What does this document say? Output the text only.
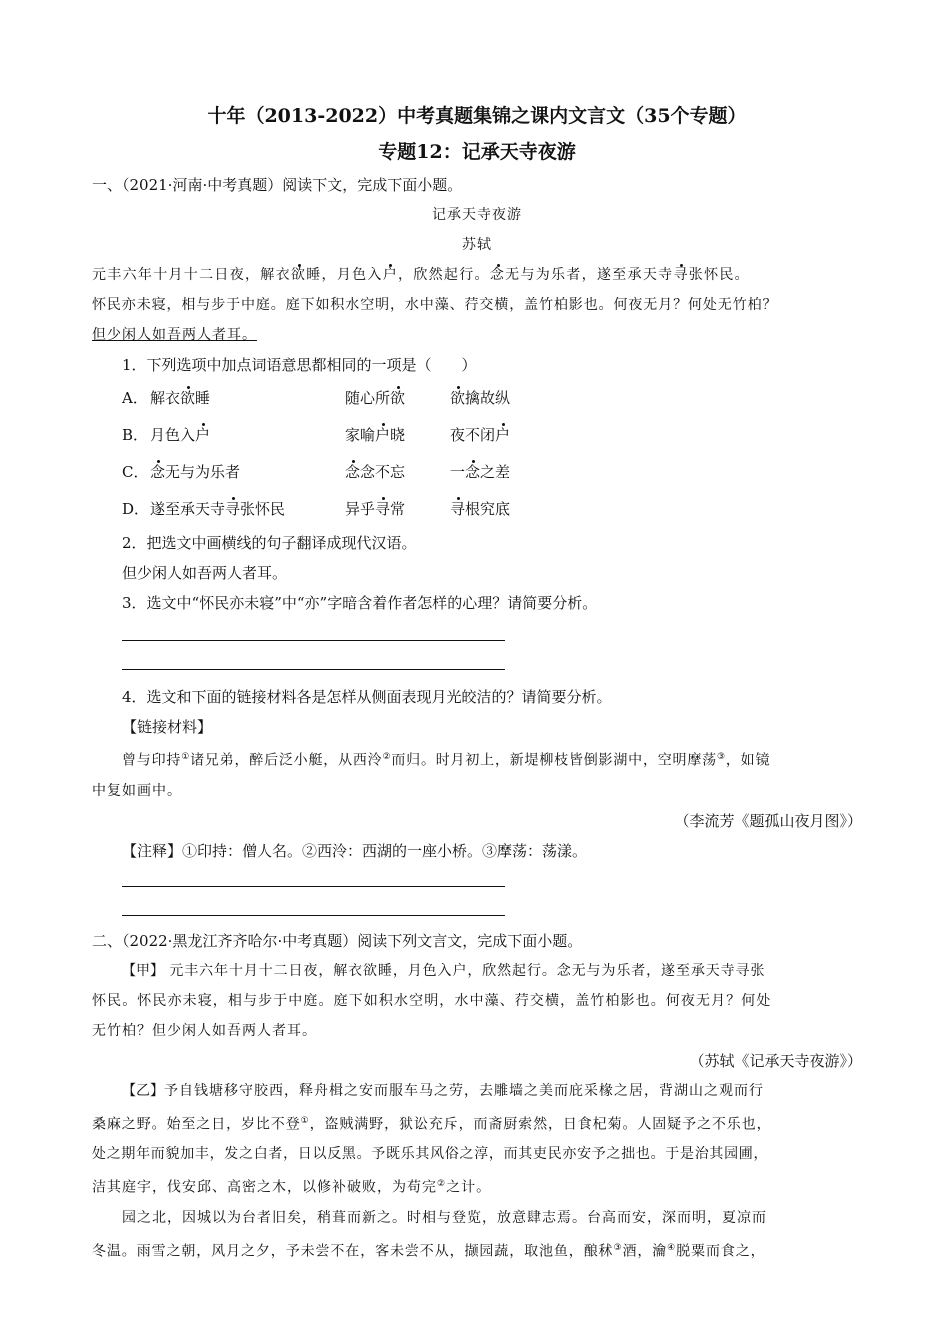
十年（2013-2022）中考真题集锦之课内文言文（35个专题）
专题12：记承天寺夜游

一、（2021·河南·中考真题）阅读下文，完成下面小题。

记承天寺夜游

苏轼

元丰六年十月十二日夜，解衣欲睡，月色入户，欣然起行。念无与为乐者，遂至承天寺寻张怀民。

怀民亦未寝，相与步于中庭。庭下如积水空明，水中藻、荇交横，盖竹柏影也。何夜无月？何处无竹柏？

但少闲人如吾两人者耳。

1．下列选项中加点词语意思都相同的一项是（　　）

A． 解衣欲睡	随心所欲	欲擒故纵
B． 月色入户	家喻户晓	夜不闭户
C． 念无与为乐者	念念不忘	一念之差
D． 遂至承天寺寻张怀民	异乎寻常	寻根究底

2．把选文中画横线的句子翻译成现代汉语。

但少闲人如吾两人者耳。

3．选文中“怀民亦未寝”中“亦”字暗含着作者怎样的心理？请简要分析。

4．选文和下面的链接材料各是怎样从侧面表现月光皎洁的？请简要分析。

【链接材料】

曾与印持①诸兄弟，醉后泛小艇，从西泠②而归。时月初上，新堤柳枝皆倒影湖中，空明摩荡③，如镜

中复如画中。

（李流芳《题孤山夜月图》）

【注释】①印持：僧人名。②西泠：西湖的一座小桥。③摩荡：荡漾。

二、（2022·黑龙江齐齐哈尔·中考真题）阅读下列文言文，完成下面小题。

【甲】 元丰六年十月十二日夜，解衣欲睡，月色入户，欣然起行。念无与为乐者，遂至承天寺寻张

怀民。怀民亦未寝，相与步于中庭。庭下如积水空明，水中藻、荇交横，盖竹柏影也。何夜无月？何处

无竹柏？但少闲人如吾两人者耳。

（苏轼《记承天寺夜游》）

【乙】予自钱塘移守胶西，释舟楫之安而服车马之劳，去雕墙之美而庇采椽之居，背湖山之观而行

桑麻之野。始至之日，岁比不登①，盗贼满野，狱讼充斥，而斋厨索然，日食杞菊。人固疑予之不乐也，

处之期年而貌加丰，发之白者，日以反黑。予既乐其风俗之淳，而其吏民亦安予之拙也。于是治其园圃，

洁其庭宇，伐安邱、高密之木，以修补破败，为苟完②之计。

园之北，因城以为台者旧矣，稍葺而新之。时相与登览，放意肆志焉。台高而安，深而明，夏凉而

冬温。雨雪之朝，风月之夕，予未尝不在，客未尝不从，撷园蔬，取池鱼，酿秫③酒，瀹④脱粟而食之，
